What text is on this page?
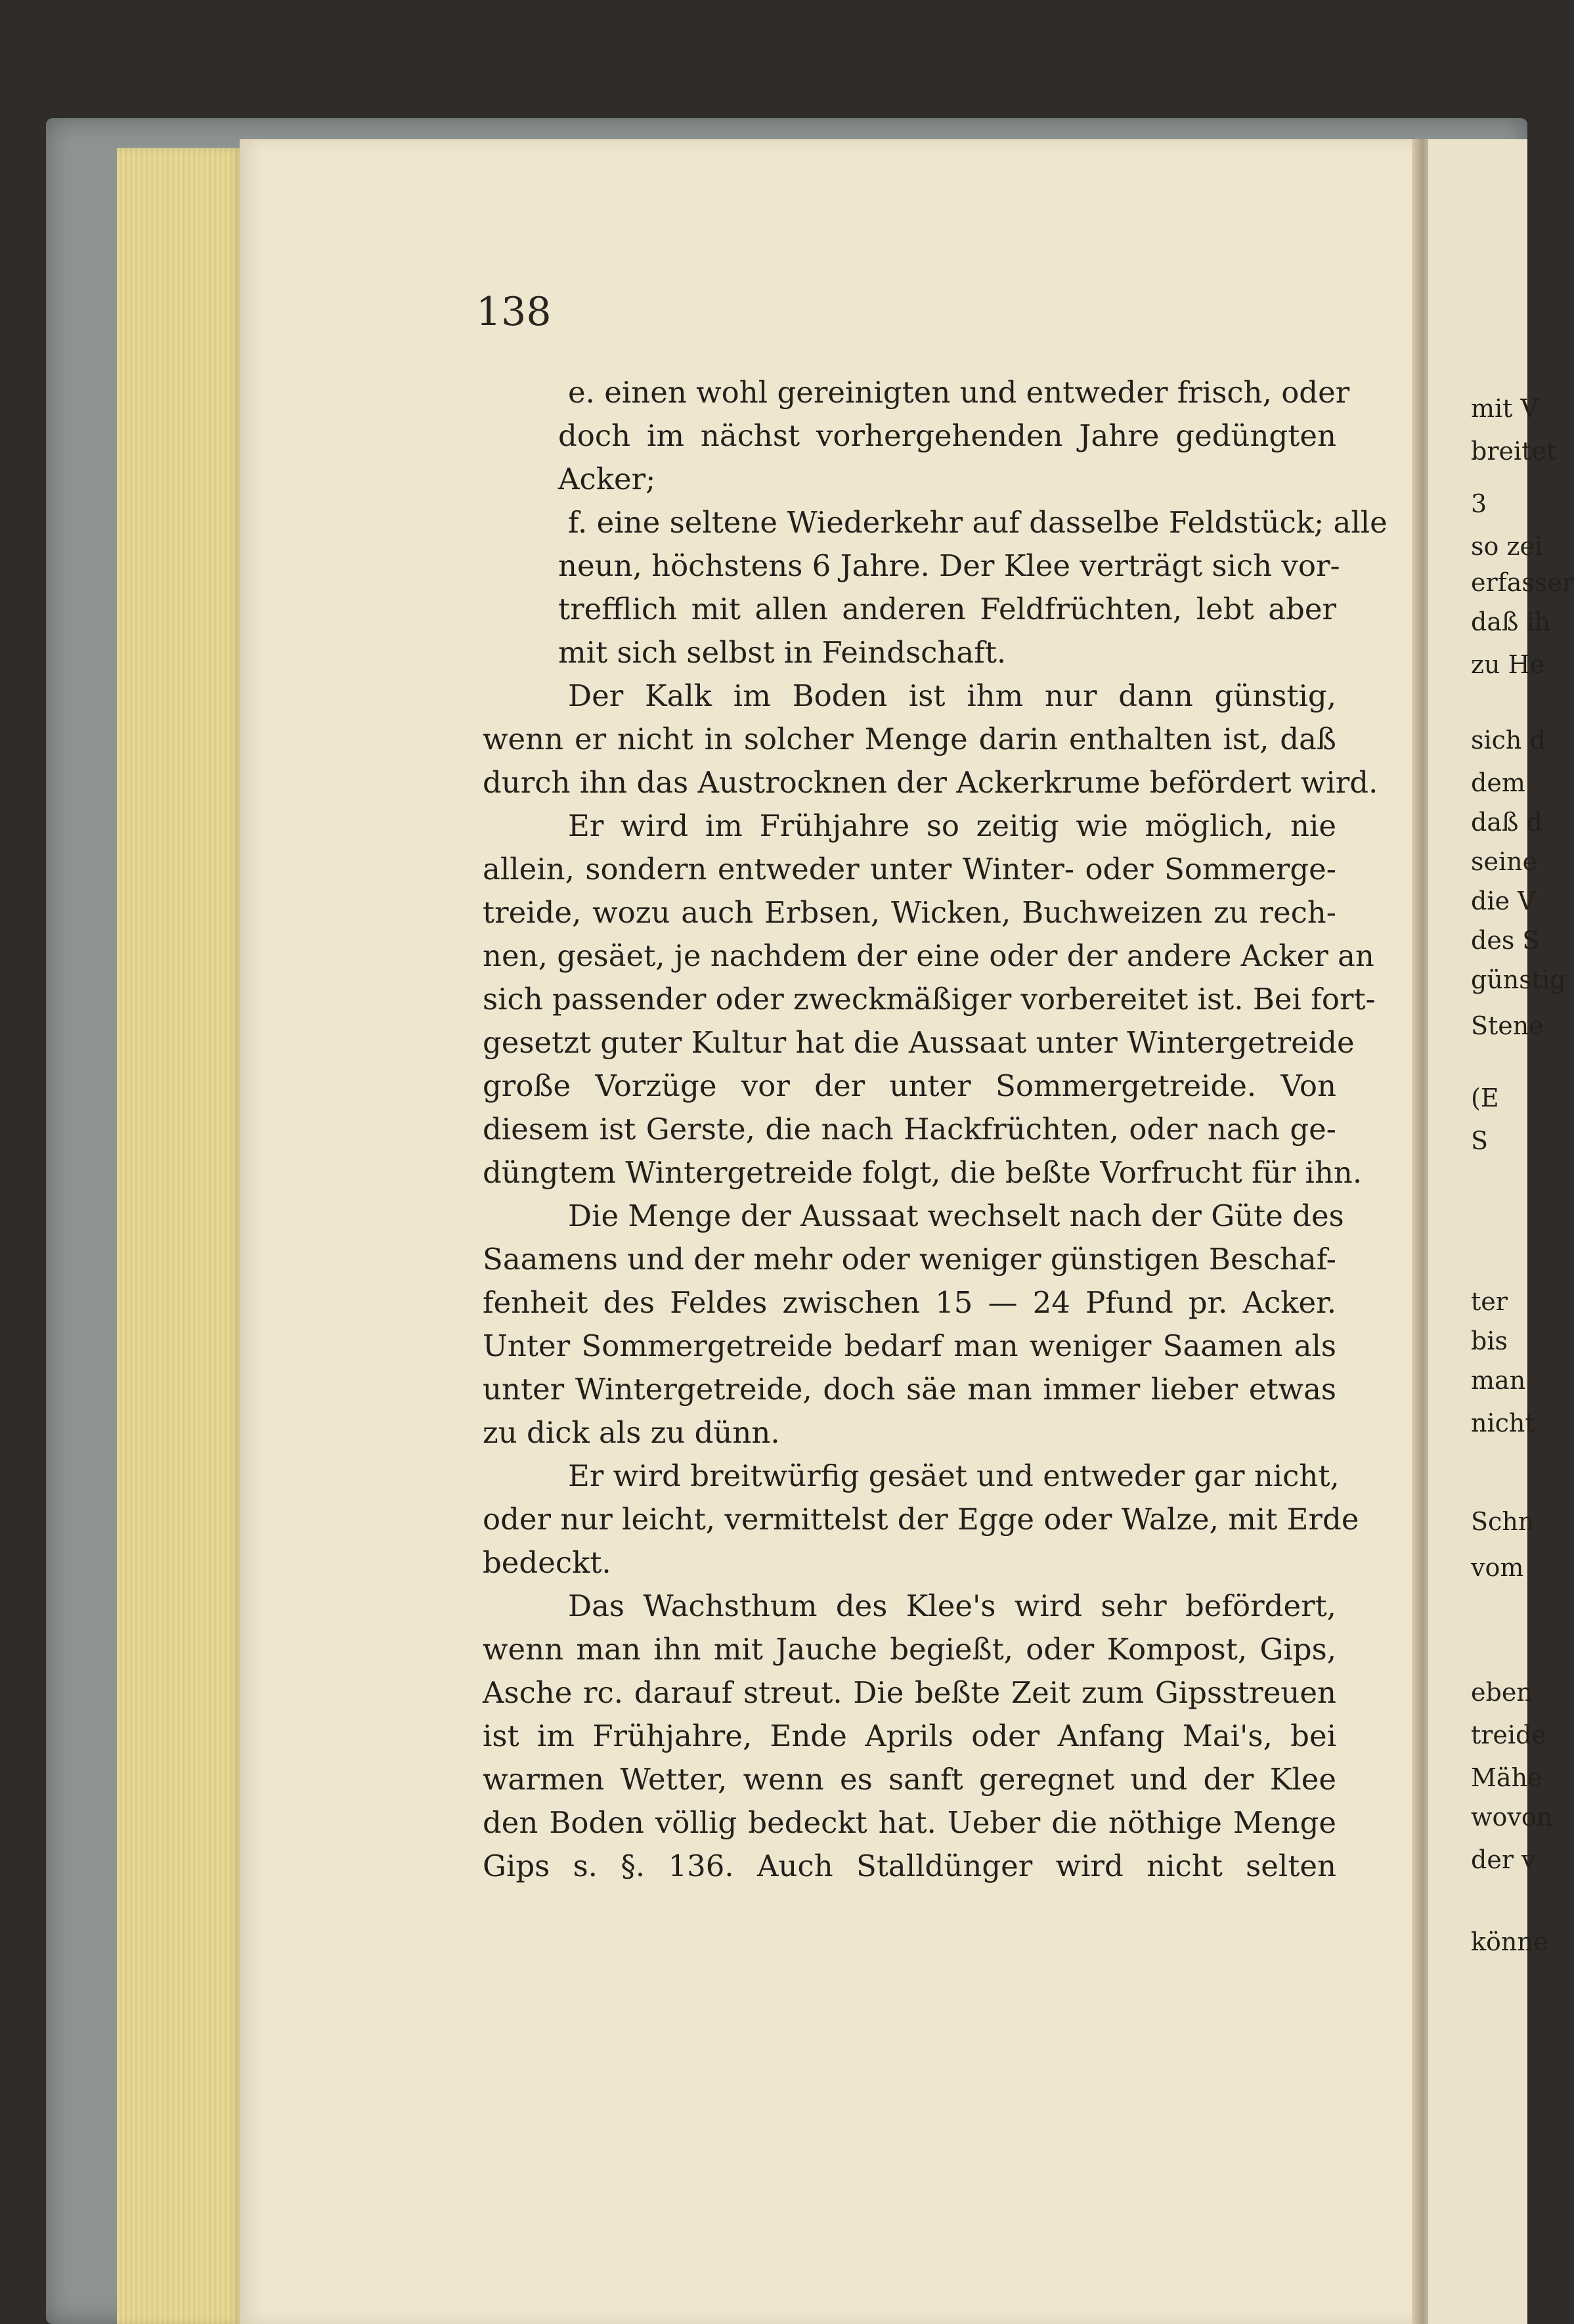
138
e. einen wohl gereinigten und entweder frisch, oder
doch im nächst vorhergehenden Jahre gedüngten
Acker;
f. eine seltene Wiederkehr auf dasselbe Feldstück; alle
neun, höchstens 6 Jahre. Der Klee verträgt sich vor-
trefflich mit allen anderen Feldfrüchten, lebt aber
mit sich selbst in Feindschaft.
Der Kalk im Boden ist ihm nur dann günstig,
wenn er nicht in solcher Menge darin enthalten ist, daß
durch ihn das Austrocknen der Ackerkrume befördert wird.
Er wird im Frühjahre so zeitig wie möglich, nie
allein, sondern entweder unter Winter- oder Sommerge-
treide, wozu auch Erbsen, Wicken, Buchweizen zu rech-
nen, gesäet, je nachdem der eine oder der andere Acker an
sich passender oder zweckmäßiger vorbereitet ist. Bei fort-
gesetzt guter Kultur hat die Aussaat unter Wintergetreide
große Vorzüge vor der unter Sommergetreide. Von
diesem ist Gerste, die nach Hackfrüchten, oder nach ge-
düngtem Wintergetreide folgt, die beßte Vorfrucht für ihn.
Die Menge der Aussaat wechselt nach der Güte des
Saamens und der mehr oder weniger günstigen Beschaf-
fenheit des Feldes zwischen 15 — 24 Pfund pr. Acker.
Unter Sommergetreide bedarf man weniger Saamen als
unter Wintergetreide, doch säe man immer lieber etwas
zu dick als zu dünn.
Er wird breitwürfig gesäet und entweder gar nicht,
oder nur leicht, vermittelst der Egge oder Walze, mit Erde
bedeckt.
Das Wachsthum des Klee's wird sehr befördert,
wenn man ihn mit Jauche begießt, oder Kompost, Gips,
Asche rc. darauf streut. Die beßte Zeit zum Gipsstreuen
ist im Frühjahre, Ende Aprils oder Anfang Mai's, bei
warmen Wetter, wenn es sanft geregnet und der Klee
den Boden völlig bedeckt hat. Ueber die nöthige Menge
Gips s. §. 136. Auch Stalldünger wird nicht selten
mit V
breitet
3
so zei
erfasser
daß ih
zu He
sich d
dem
daß d
seine
die V
des S
günstig
Stene
(E
S
ter
bis
man
nicht
Schn
vom
eben
treide
Mähe
wovon
der v
könne
